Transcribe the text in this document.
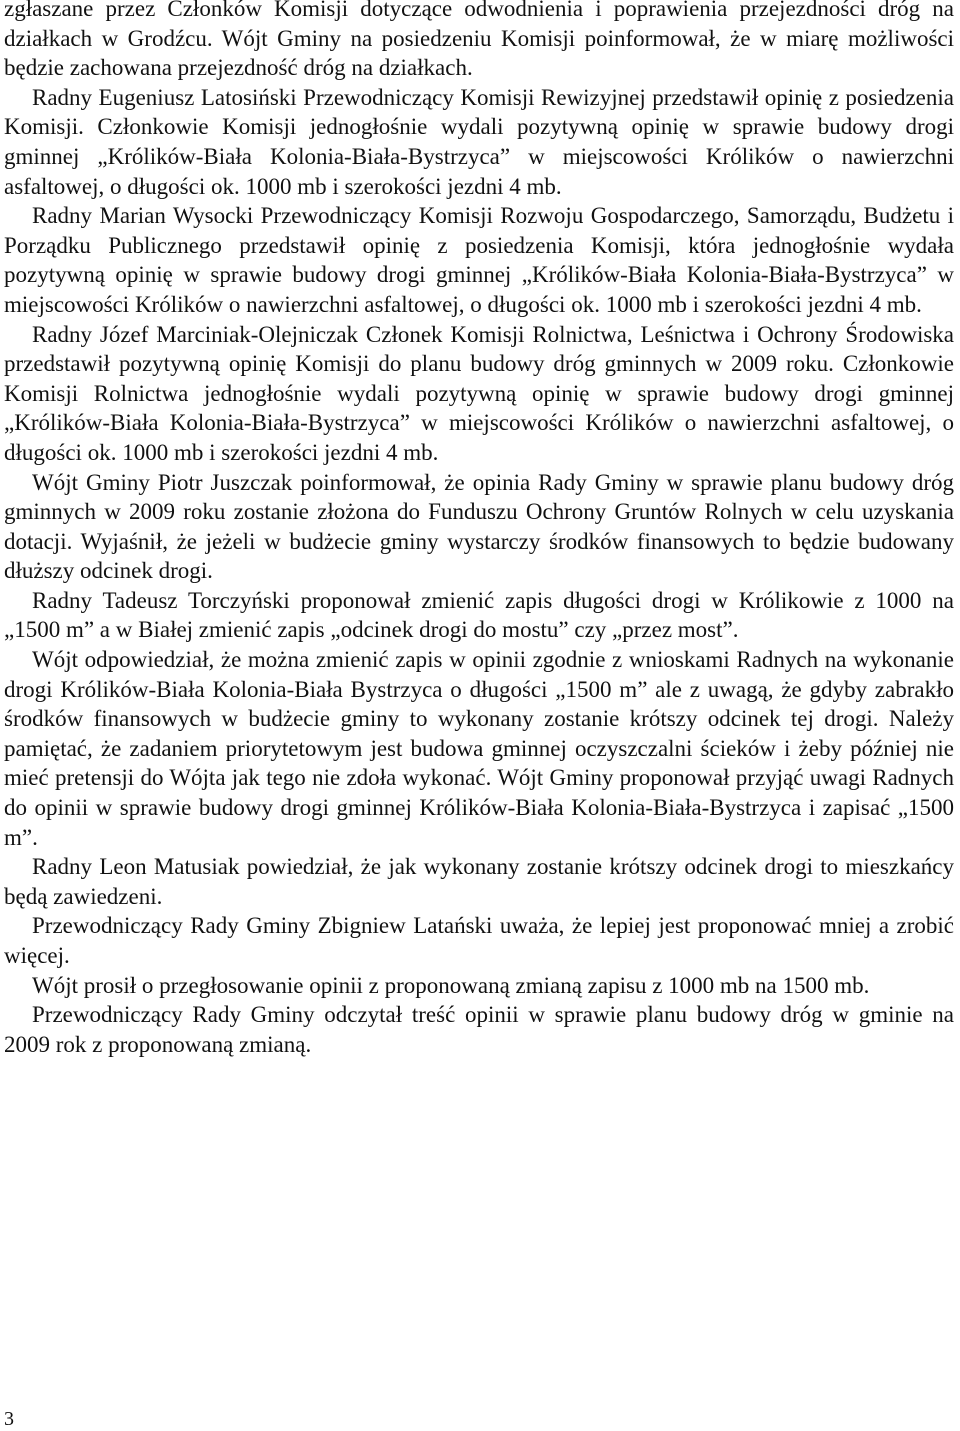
zgłaszane przez Członków Komisji dotyczące odwodnienia i poprawienia przejezdności dróg na działkach w Grodźcu. Wójt Gminy na posiedzeniu Komisji poinformował, że w miarę możliwości będzie zachowana przejezdność dróg na działkach.

Radny Eugeniusz Latosiński Przewodniczący Komisji Rewizyjnej przedstawił opinię z posiedzenia Komisji. Członkowie Komisji jednogłośnie wydali pozytywną opinię w sprawie budowy drogi gminnej „Królików-Biała Kolonia-Biała-Bystrzyca” w miejscowości Królików o nawierzchni asfaltowej, o długości ok. 1000 mb i szerokości jezdni 4 mb.

Radny Marian Wysocki Przewodniczący Komisji Rozwoju Gospodarczego, Samorządu, Budżetu i Porządku Publicznego przedstawił opinię z posiedzenia Komisji, która jednogłośnie wydała pozytywną opinię w sprawie budowy drogi gminnej „Królików-Biała Kolonia-Biała-Bystrzyca” w miejscowości Królików o nawierzchni asfaltowej, o długości ok. 1000 mb i szerokości jezdni 4 mb.

Radny Józef Marciniak-Olejniczak Członek Komisji Rolnictwa, Leśnictwa i Ochrony Środowiska przedstawił pozytywną opinię Komisji do planu budowy dróg gminnych w 2009 roku. Członkowie Komisji Rolnictwa jednogłośnie wydali pozytywną opinię w sprawie budowy drogi gminnej „Królików-Biała Kolonia-Biała-Bystrzyca” w miejscowości Królików o nawierzchni asfaltowej, o długości ok. 1000 mb i szerokości jezdni 4 mb.

Wójt Gminy Piotr Juszczak poinformował, że opinia Rady Gminy w sprawie planu budowy dróg gminnych w 2009 roku zostanie złożona do Funduszu Ochrony Gruntów Rolnych w celu uzyskania dotacji. Wyjaśnił, że jeżeli w budżecie gminy wystarczy środków finansowych to będzie budowany dłuższy odcinek drogi.

Radny Tadeusz Torczyński proponował zmienić zapis długości drogi w Królikowie z 1000 na „1500 m” a w Białej zmienić zapis „odcinek drogi do mostu” czy „przez most”.

Wójt odpowiedział, że można zmienić zapis w opinii zgodnie z wnioskami Radnych na wykonanie drogi Królików-Biała Kolonia-Biała Bystrzyca o długości „1500 m” ale z uwagą, że gdyby zabrakło środków finansowych w budżecie gminy to wykonany zostanie krótszy odcinek tej drogi. Należy pamiętać, że zadaniem priorytetowym jest budowa gminnej oczyszczalni ścieków i żeby później nie mieć pretensji do Wójta jak tego nie zdoła wykonać. Wójt Gminy proponował przyjąć uwagi Radnych do opinii w sprawie budowy drogi gminnej Królików-Biała Kolonia-Biała-Bystrzyca i zapisać „1500 m”.

Radny Leon Matusiak powiedział, że jak wykonany zostanie krótszy odcinek drogi to mieszkańcy będą zawiedzeni.

Przewodniczący Rady Gminy Zbigniew Latański uważa, że lepiej jest proponować mniej a zrobić więcej.

Wójt prosił o przegłosowanie opinii z proponowaną zmianą zapisu z 1000 mb na 1500 mb.

Przewodniczący Rady Gminy odczytał treść opinii w sprawie planu budowy dróg w gminie na 2009 rok z proponowaną zmianą.

3
